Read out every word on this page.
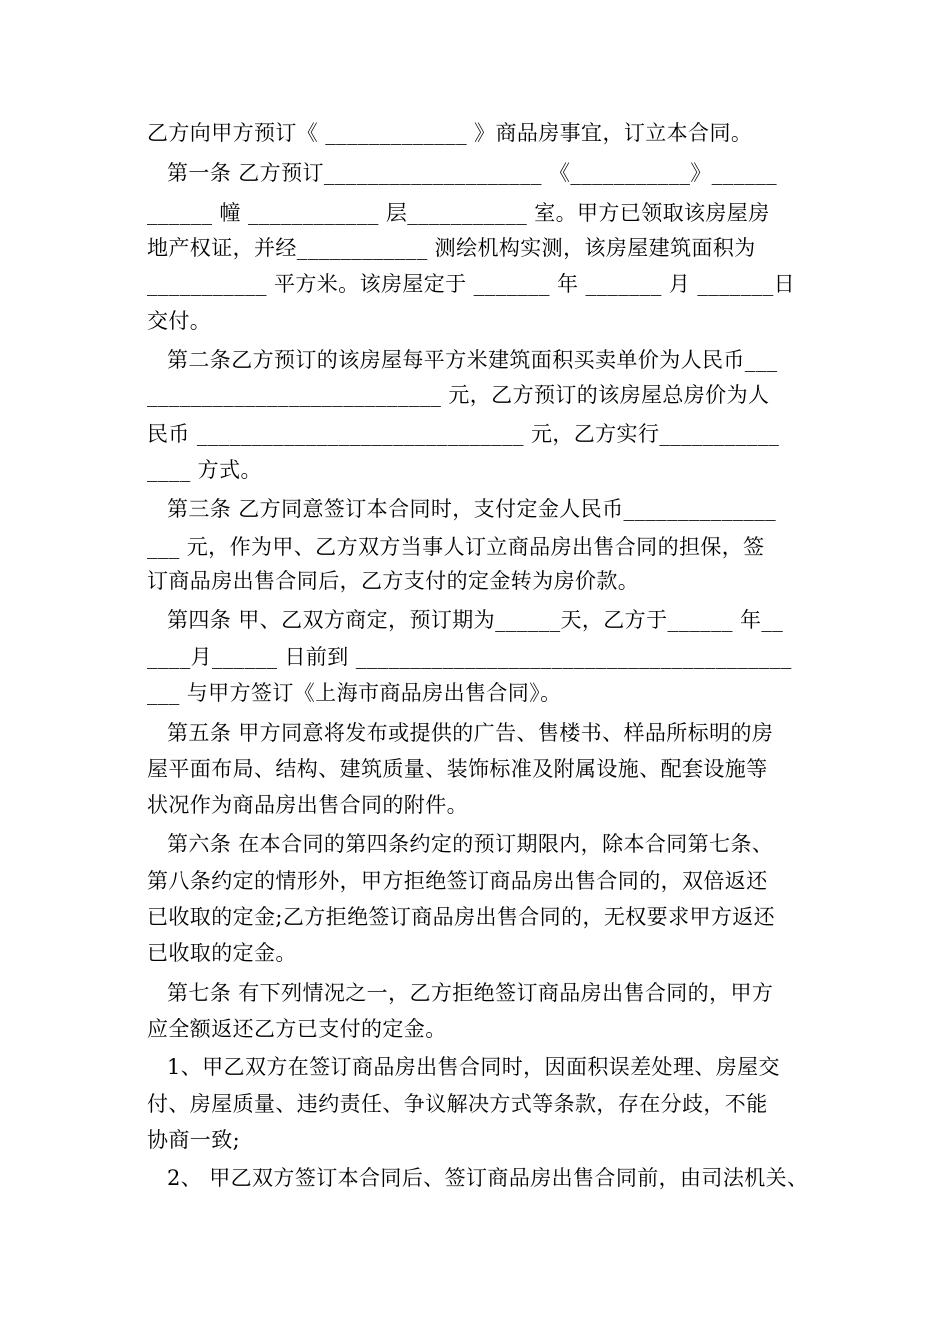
乙方向甲方预订《 _____________ 》商品房事宜，订立本合同。
第一条 乙方预订____________________ 《___________》______
______ 幢 ____________ 层___________ 室。甲方已领取该房屋房
地产权证，并经____________ 测绘机构实测，该房屋建筑面积为
___________ 平方米。该房屋定于 _______ 年 _______ 月 _______日
交付。
第二条乙方预订的该房屋每平方米建筑面积买卖单价为人民币___
___________________________ 元，乙方预订的该房屋总房价为人
民币 ______________________________ 元，乙方实行___________
____ 方式。
第三条 乙方同意签订本合同时，支付定金人民币______________
___ 元，作为甲、乙方双方当事人订立商品房出售合同的担保，签
订商品房出售合同后，乙方支付的定金转为房价款。
第四条 甲、乙双方商定，预订期为______天，乙方于______ 年__
____月______ 日前到 ________________________________________
___ 与甲方签订《上海市商品房出售合同》。
第五条 甲方同意将发布或提供的广告、售楼书、样品所标明的房
屋平面布局、结构、建筑质量、装饰标准及附属设施、配套设施等
状况作为商品房出售合同的附件。
第六条 在本合同的第四条约定的预订期限内，除本合同第七条、
第八条约定的情形外，甲方拒绝签订商品房出售合同的，双倍返还
已收取的定金;乙方拒绝签订商品房出售合同的，无权要求甲方返还
已收取的定金。
第七条 有下列情况之一，乙方拒绝签订商品房出售合同的，甲方
应全额返还乙方已支付的定金。
1、甲乙双方在签订商品房出售合同时，因面积误差处理、房屋交
付、房屋质量、违约责任、争议解决方式等条款，存在分歧，不能
协商一致;
2、 甲乙双方签订本合同后、签订商品房出售合同前，由司法机关、
